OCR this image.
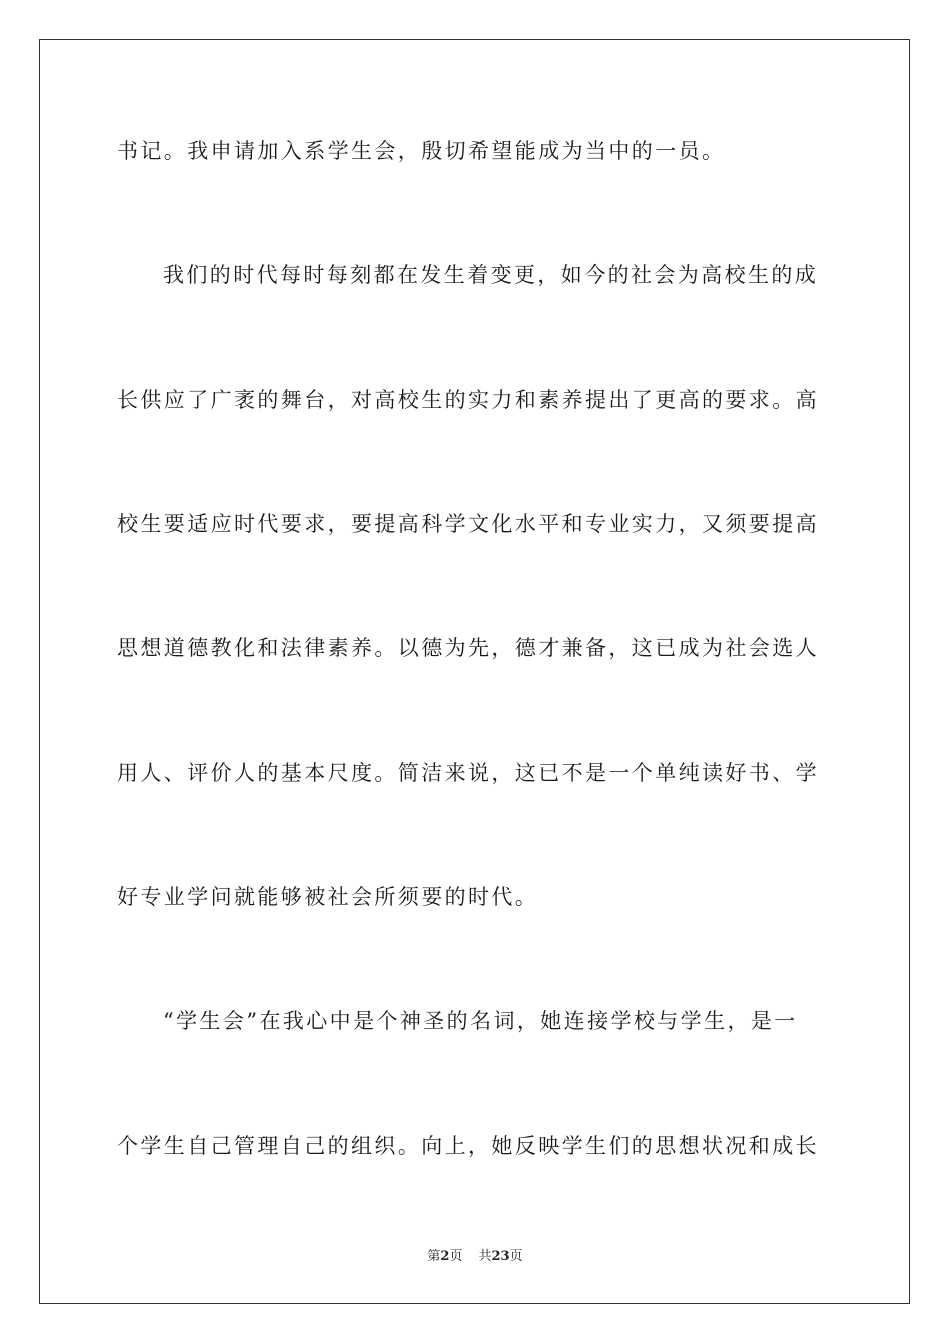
书记。我申请加入系学生会，殷切希望能成为当中的一员。
我们的时代每时每刻都在发生着变更，如今的社会为高校生的成
长供应了广袤的舞台，对高校生的实力和素养提出了更高的要求。高
校生要适应时代要求，要提高科学文化水平和专业实力，又须要提高
思想道德教化和法律素养。以德为先，德才兼备，这已成为社会选人
用人、评价人的基本尺度。简洁来说，这已不是一个单纯读好书、学
好专业学问就能够被社会所须要的时代。
“学生会”在我心中是个神圣的名词，她连接学校与学生，是一
个学生自己管理自己的组织。向上，她反映学生们的思想状况和成长
第2页 共23页
